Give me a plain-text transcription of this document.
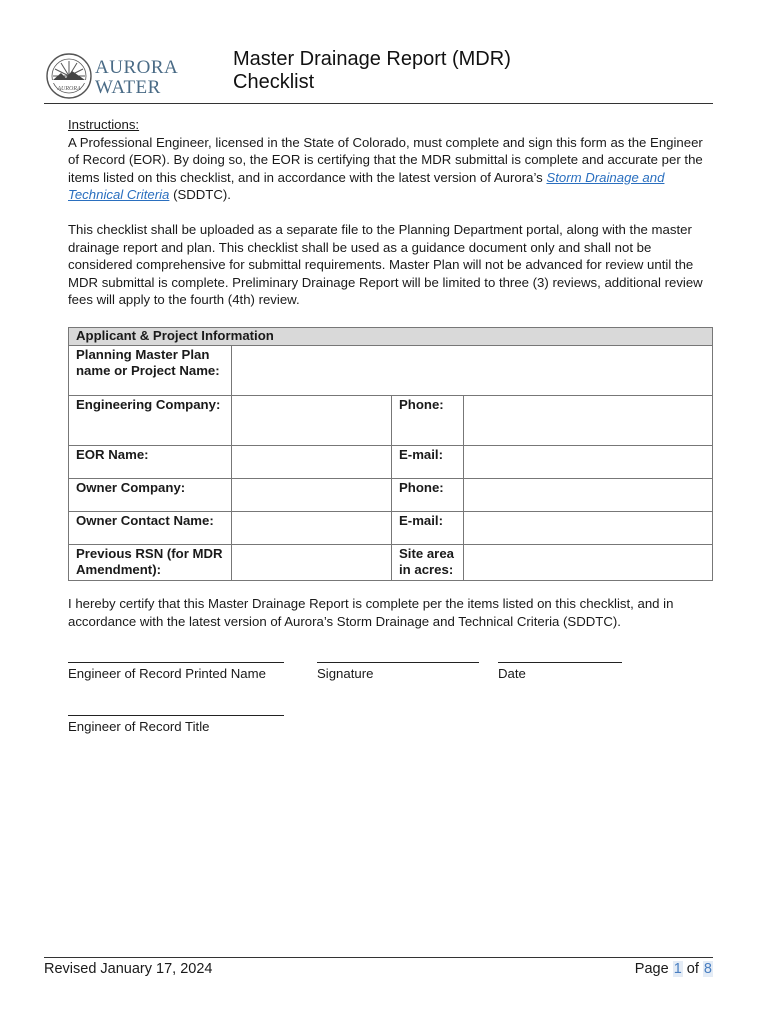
AURORA
AURORA
WATER
Master Drainage Report (MDR)
Checklist
Instructions:
A Professional Engineer, licensed in the State of Colorado, must complete and sign this form as the Engineer of Record (EOR). By doing so, the EOR is certifying that the MDR submittal is complete and accurate per the items listed on this checklist, and in accordance with the latest version of Aurora’s Storm Drainage and Technical Criteria (SDDTC).
This checklist shall be uploaded as a separate file to the Planning Department portal, along with the master drainage report and plan. This checklist shall be used as a guidance document only and shall not be considered comprehensive for submittal requirements. Master Plan will not be advanced for review until the MDR submittal is complete. Preliminary Drainage Report will be limited to three (3) reviews, additional review fees will apply to the fourth (4th) review.
Applicant & Project Information			
Planning Master Plan name or Project Name:			
Engineering Company:		Phone:	
EOR Name:		E-mail:	
Owner Company:		Phone:	
Owner Contact Name:		E-mail:	
Previous RSN (for MDR Amendment):		Site area in acres:	
I hereby certify that this Master Drainage Report is complete per the items listed on this checklist, and in accordance with the latest version of Aurora’s Storm Drainage and Technical Criteria (SDDTC).
Engineer of Record Printed Name	Signature	Date
Engineer of Record Title
Revised January 17, 2024	Page 1 of 8
